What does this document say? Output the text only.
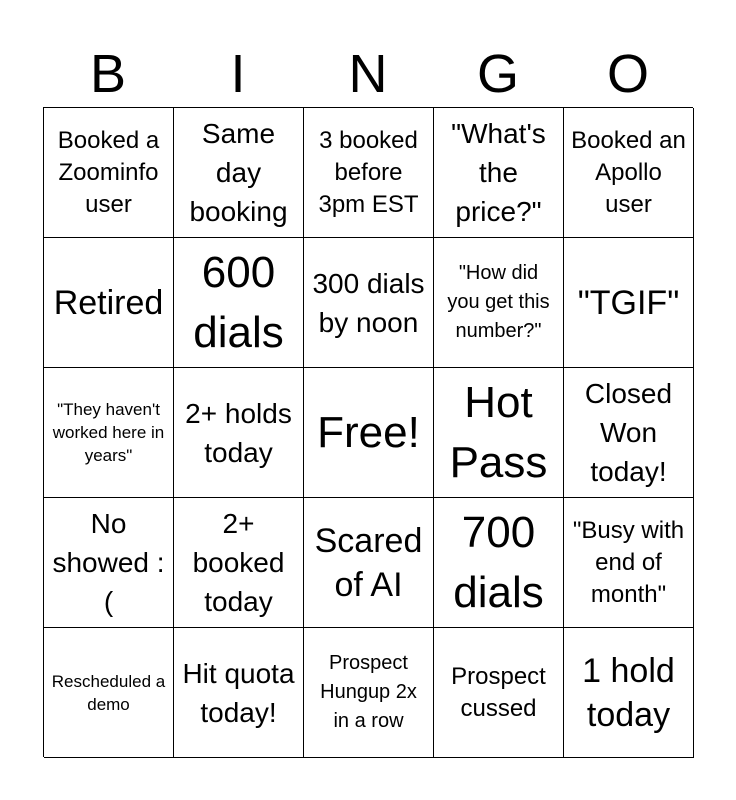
B	I	N	G	O
Booked a Zoominfo user
Same day booking
3 booked before 3pm EST
"What's the price?"
Booked an Apollo user
Retired
600 dials
300 dials by noon
"How did you get this number?"
"TGIF"
"They haven't worked here in years"
2+ holds today	Free!
Hot Pass
Closed Won today!
No showed :(
2+ booked today
Scared of AI
700 dials
"Busy with end of month"
Rescheduled a demo
Hit quota today!
Prospect Hungup 2x in a row
Prospect cussed
1 hold today
